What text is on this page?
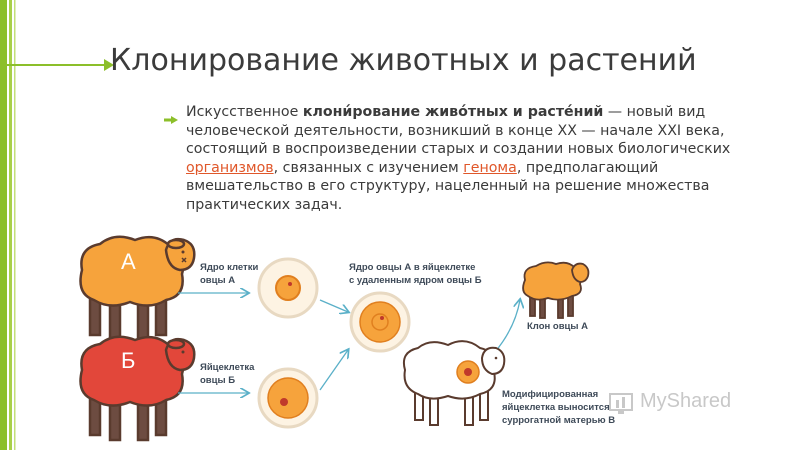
Клонирование животных и растений
Искусственное клони́рование живо́тных и расте́ний — новый вид человеческой деятельности, возникший в конце XX — начале XXI века, состоящий в воспроизведении старых и создании новых биологических организмов, связанных с изучением генома, предполагающий вмешательство в его структуру, нацеленный на решение множества практических задач.
А
Б
Ядро клетки
овцы А
Яйцеклетка
овцы Б
Ядро овцы А в яйцеклетке
с удаленным ядром овцы Б
Клон овцы А
Модифицированная
яйцеклетка выносится
суррогатной матерью В
MyShared
